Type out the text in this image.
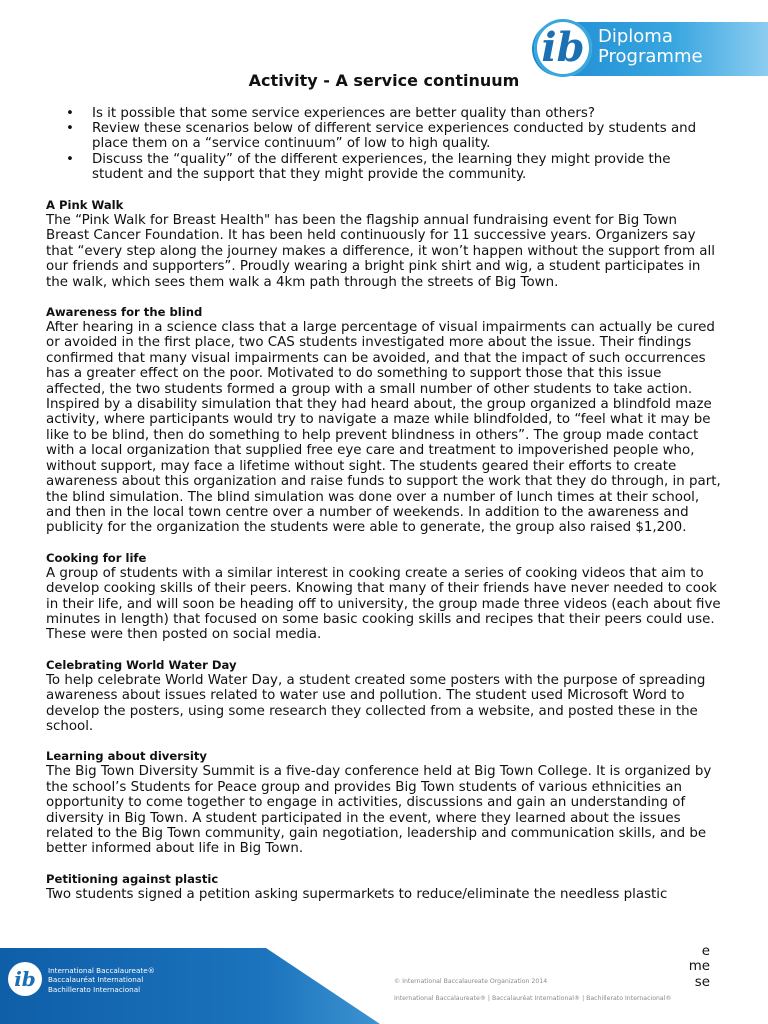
ib Diploma
Programme
Activity - A service continuum
• Is it possible that some service experiences are better quality than others?
• Review these scenarios below of different service experiences conducted by students and place them on a “service continuum” of low to high quality.
• Discuss the “quality” of the different experiences, the learning they might provide the student and the support that they might provide the community.
A Pink Walk

The “Pink Walk for Breast Health" has been the flagship annual fundraising event for Big Town Breast Cancer Foundation. It has been held continuously for 11 successive years. Organizers say that “every step along the journey makes a difference, it won’t happen without the support from all our friends and supporters”. Proudly wearing a bright pink shirt and wig, a student participates in the walk, which sees them walk a 4km path through the streets of Big Town.

Awareness for the blind

After hearing in a science class that a large percentage of visual impairments can actually be cured or avoided in the first place, two CAS students investigated more about the issue. Their findings confirmed that many visual impairments can be avoided, and that the impact of such occurrences has a greater effect on the poor. Motivated to do something to support those that this issue affected, the two students formed a group with a small number of other students to take action. Inspired by a disability simulation that they had heard about, the group organized a blindfold maze activity, where participants would try to navigate a maze while blindfolded, to “feel what it may be like to be blind, then do something to help prevent blindness in others”. The group made contact with a local organization that supplied free eye care and treatment to impoverished people who, without support, may face a lifetime without sight. The students geared their efforts to create awareness about this organization and raise funds to support the work that they do through, in part, the blind simulation. The blind simulation was done over a number of lunch times at their school, and then in the local town centre over a number of weekends. In addition to the awareness and publicity for the organization the students were able to generate, the group also raised $1,200.

Cooking for life

A group of students with a similar interest in cooking create a series of cooking videos that aim to develop cooking skills of their peers. Knowing that many of their friends have never needed to cook in their life, and will soon be heading off to university, the group made three videos (each about five minutes in length) that focused on some basic cooking skills and recipes that their peers could use. These were then posted on social media.

Celebrating World Water Day

To help celebrate World Water Day, a student created some posters with the purpose of spreading awareness about issues related to water use and pollution. The student used Microsoft Word to develop the posters, using some research they collected from a website, and posted these in the school.

Learning about diversity

The Big Town Diversity Summit is a five-day conference held at Big Town College. It is organized by the school’s Students for Peace group and provides Big Town students of various ethnicities an opportunity to come together to engage in activities, discussions and gain an understanding of diversity in Big Town. A student participated in the event, where they learned about the issues related to the Big Town community, gain negotiation, leadership and communication skills, and be better informed about life in Big Town.

Petitioning against plastic

Two students signed a petition asking supermarkets to reduce/eliminate the needless plastic

e
me
se
ib	International Baccalaureate®
Baccalauréat International
Bachillerato Internacional
© International Baccalaureate Organization 2014
International Baccalaureate® | Baccalauréat International® | Bachillerato Internacional®
